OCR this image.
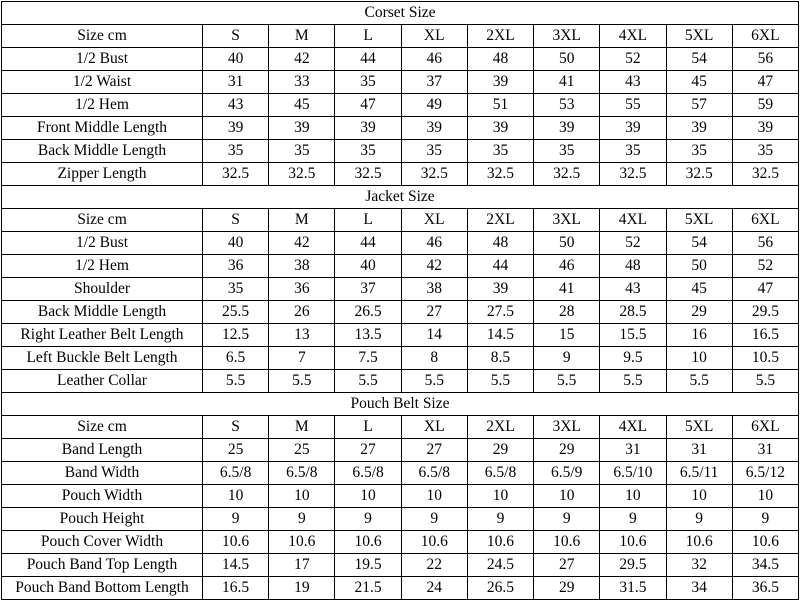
Corset Size									
Size cm	S	M	L	XL	2XL	3XL	4XL	5XL	6XL
1/2 Bust	40	42	44	46	48	50	52	54	56
1/2 Waist	31	33	35	37	39	41	43	45	47
1/2 Hem	43	45	47	49	51	53	55	57	59
Front Middle Length	39	39	39	39	39	39	39	39	39
Back Middle Length	35	35	35	35	35	35	35	35	35
Zipper Length	32.5	32.5	32.5	32.5	32.5	32.5	32.5	32.5	32.5
Jacket Size									
Size cm	S	M	L	XL	2XL	3XL	4XL	5XL	6XL
1/2 Bust	40	42	44	46	48	50	52	54	56
1/2 Hem	36	38	40	42	44	46	48	50	52
Shoulder	35	36	37	38	39	41	43	45	47
Back Middle Length	25.5	26	26.5	27	27.5	28	28.5	29	29.5
Right Leather Belt Length	12.5	13	13.5	14	14.5	15	15.5	16	16.5
Left Buckle Belt Length	6.5	7	7.5	8	8.5	9	9.5	10	10.5
Leather Collar	5.5	5.5	5.5	5.5	5.5	5.5	5.5	5.5	5.5
Pouch Belt Size									
Size cm	S	M	L	XL	2XL	3XL	4XL	5XL	6XL
Band Length	25	25	27	27	29	29	31	31	31
Band Width	6.5/8	6.5/8	6.5/8	6.5/8	6.5/8	6.5/9	6.5/10	6.5/11	6.5/12
Pouch Width	10	10	10	10	10	10	10	10	10
Pouch Height	9	9	9	9	9	9	9	9	9
Pouch Cover Width	10.6	10.6	10.6	10.6	10.6	10.6	10.6	10.6	10.6
Pouch Band Top Length	14.5	17	19.5	22	24.5	27	29.5	32	34.5
Pouch Band Bottom Length	16.5	19	21.5	24	26.5	29	31.5	34	36.5
